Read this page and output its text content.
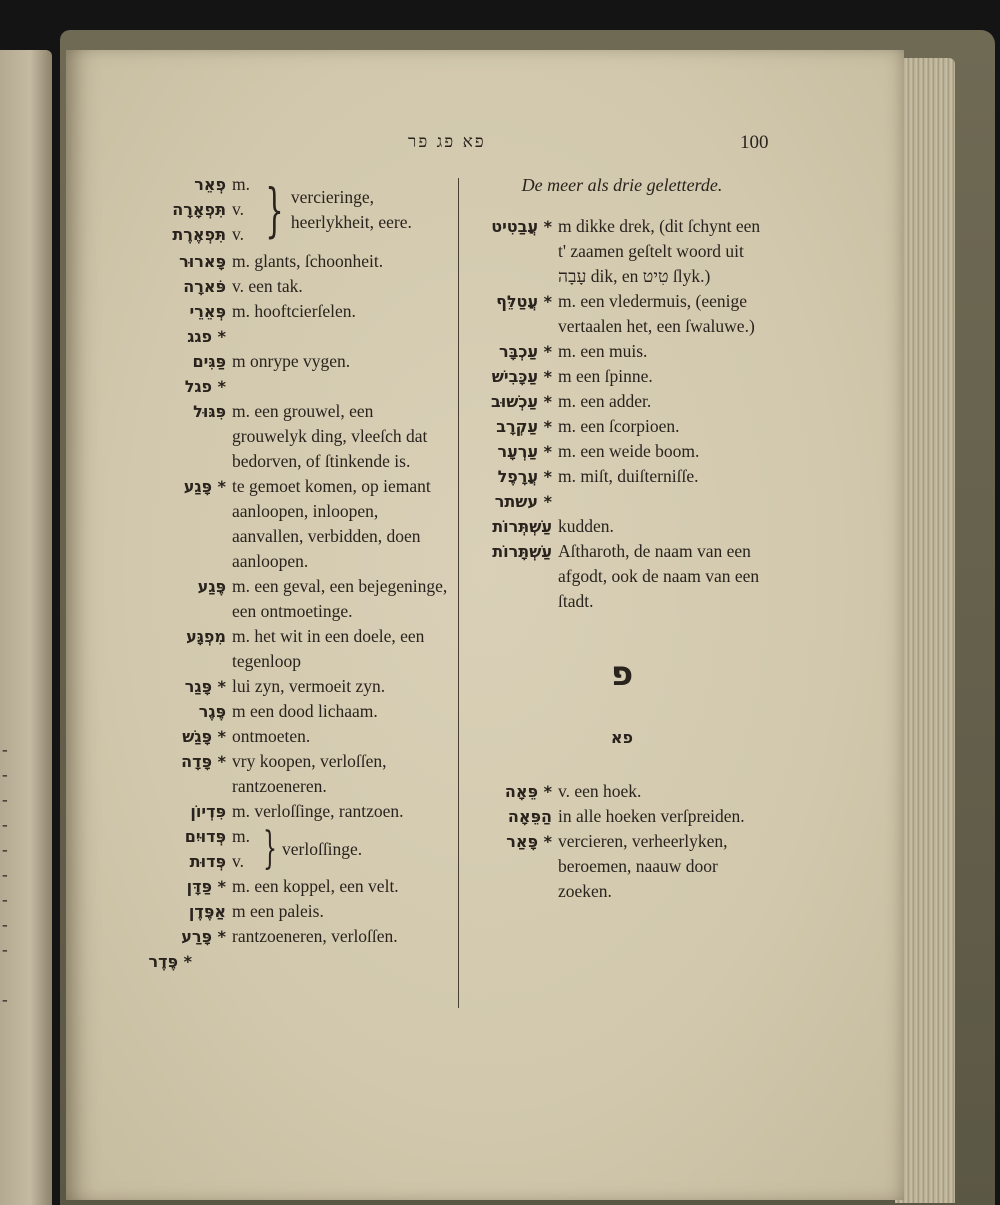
-
-
-
-
-
-
-
-
-
-
פא פג פר	100
פְאֵר m.
תִּפְאָרָה v.
תִּפְאֶרֶת v. } vercieringe, heerlykheit, eere.
פָּארוּר m. glants, ſchoonheit.
פֹּארָה v. een tak.
פְּאֵרֵי m. hooftcierſelen.
* פגג
פַּגִּים m onrype vygen.
* פגל
פִּגּוּל m. een grouwel, een grouwelyk ding, vleeſch dat bedorven, of ſtinkende is.
* פָּגַע te gemoet komen, op iemant aanloopen, inloopen, aanvallen, verbidden, doen aanloopen.
פֶּגַע m. een geval, een bejegeninge, een ontmoetinge.
מִפְגָּע m. het wit in een doele, een tegenloop
* פָּגַר lui zyn, vermoeit zyn.
פֶּגֶר m een dood lichaam.
* פָּגַשׁ ontmoeten.
* פָּדָה vry koopen, verloſſen, rantzoeneren.
פִּדְיוֹן m. verloſſinge, rantzoen.
פְּדוּיִם m.
פְּדוּת v. } verloſſinge.
* פַּדָּן m. een koppel, een velt.
אַפֶּדֶן m een paleis.
* פָּרַע rantzoeneren, verloſſen.
* פֶּדֶר
De meer als drie geletterde.
* עֲבַטִיט m dikke drek, (dit ſchynt een t' zaamen geſtelt woord uit עָבָה dik, en טִיט ſlyk.)
* עֲטַלֵּף m. een vledermuis, (eenige vertaalen het, een ſwaluwe.)
* עַכְבָּר m. een muis.
* עַכָּבִישׁ m een ſpinne.
* עַכְשׁוּב m. een adder.
* עַקְרָב m. een ſcorpioen.
* עַרְעָר m. een weide boom.
* עֲרָפֶל m. miſt, duiſterniſſe.
* עשתר
עַשְׁתְּרוֹת kudden.
עַשְׁתָּרוֹת Aſtharoth, de naam van een afgodt, ook de naam van een ſtadt.
פ
פא
* פֵּאָה v. een hoek.
הַפֵּאָה in alle hoeken verſpreiden.
* פָּאַר vercieren, verheerlyken, beroemen, naauw door zoeken.
